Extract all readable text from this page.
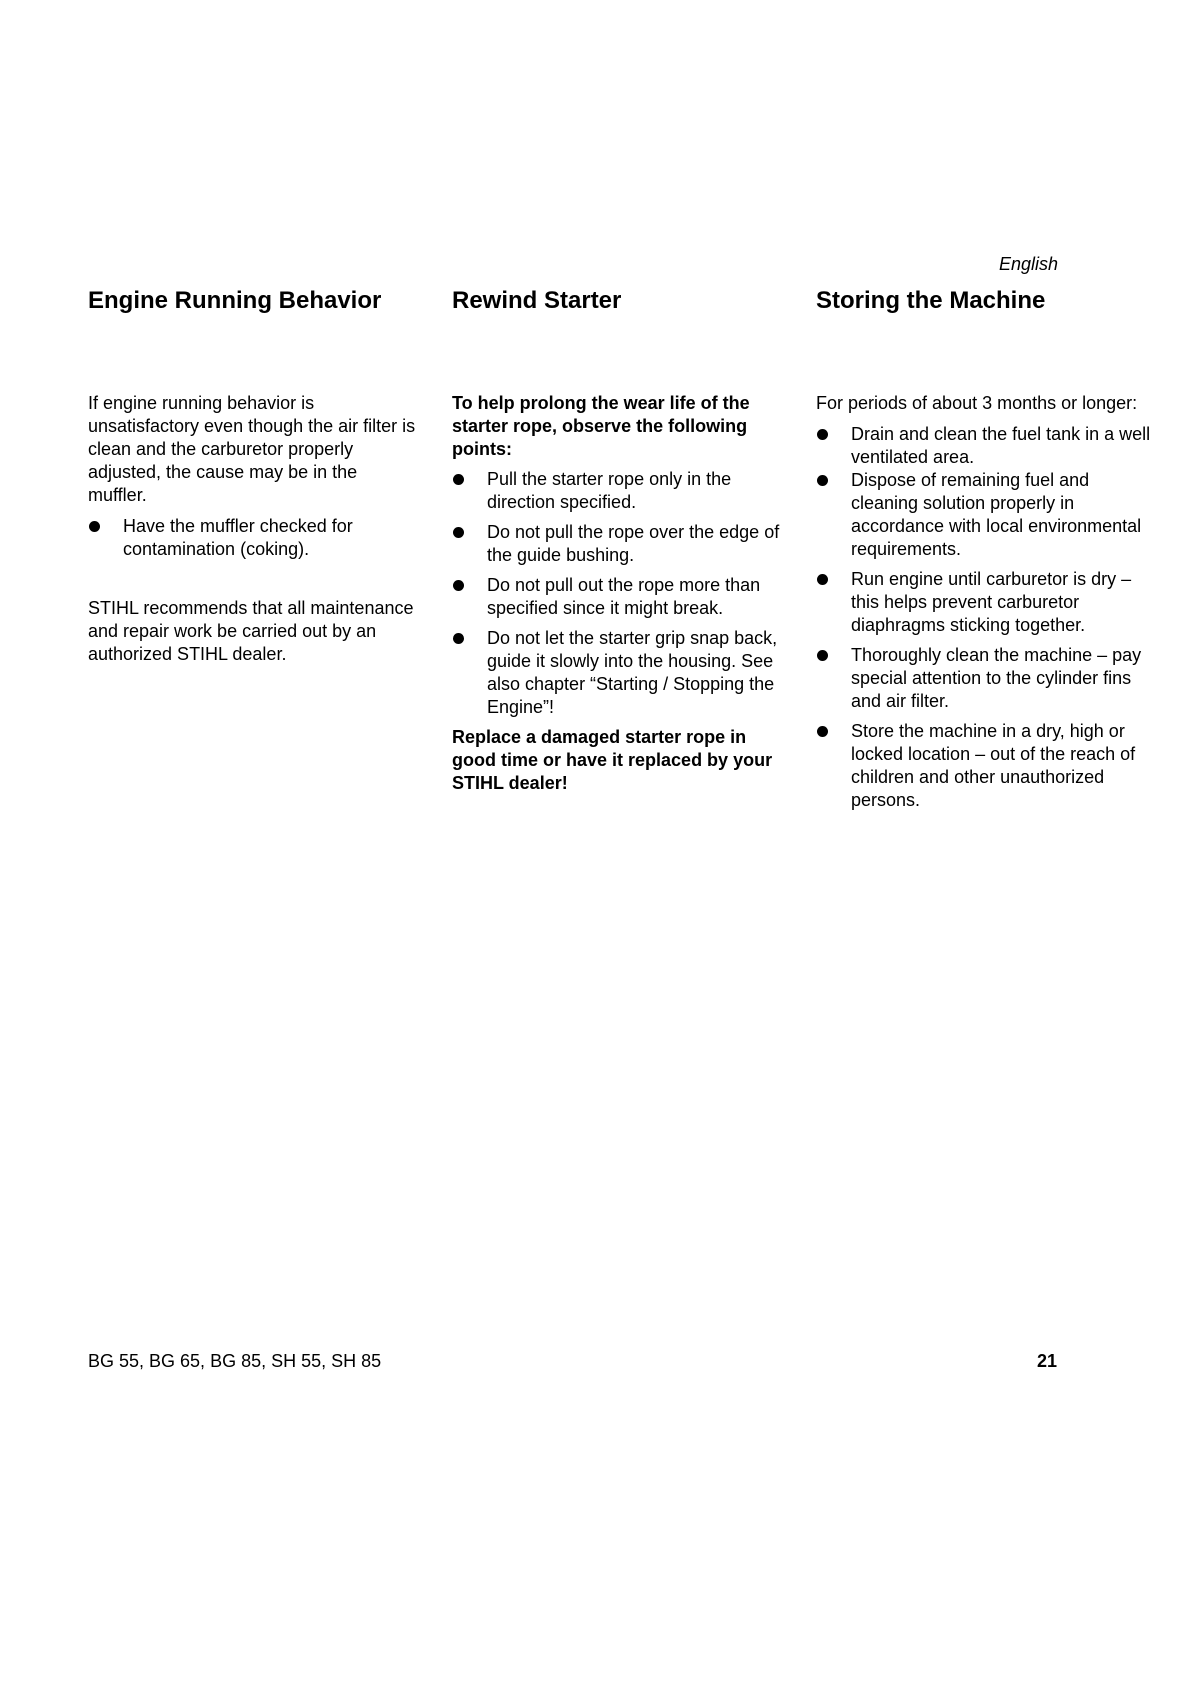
English
Engine Running Behavior

If engine running behavior is unsatisfactory even though the air filter is clean and the carburetor properly adjusted, the cause may be in the muffler.

Have the muffler checked for contamination (coking).

STIHL recommends that all maintenance and repair work be carried out by an authorized STIHL dealer.

Rewind Starter

To help prolong the wear life of the starter rope, observe the following points:

Pull the starter rope only in the direction specified.
Do not pull the rope over the edge of the guide bushing.
Do not pull out the rope more than specified since it might break.
Do not let the starter grip snap back, guide it slowly into the housing. See also chapter “Starting / Stopping the Engine”!

Replace a damaged starter rope in good time or have it replaced by your STIHL dealer!

Storing the Machine

For periods of about 3 months or longer:

Drain and clean the fuel tank in a well ventilated area.
Dispose of remaining fuel and cleaning solution properly in accordance with local environmental requirements.
Run engine until carburetor is dry – this helps prevent carburetor diaphragms sticking together.
Thoroughly clean the machine – pay special attention to the cylinder fins and air filter.
Store the machine in a dry, high or locked location – out of the reach of children and other unauthorized persons.
BG 55, BG 65, BG 85, SH 55, SH 85	21
